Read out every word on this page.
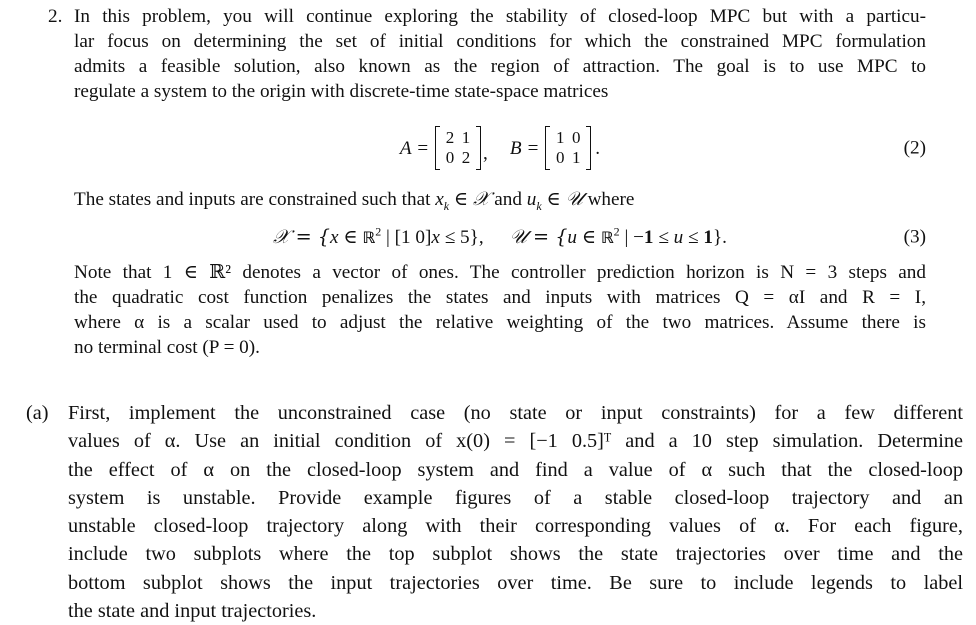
2. In this problem, you will continue exploring the stability of closed-loop MPC but with a particu-
lar focus on determining the set of initial conditions for which the constrained MPC formulation
admits a feasible solution, also known as the region of attraction. The goal is to use MPC to
regulate a system to the origin with discrete-time state-space matrices

A = 2 1
0 2 , B = 1 0
0 1 .	(2)

The states and inputs are constrained such that $x_k$ ∈ 𝒳 and $u_k$ ∈ 𝒰 where

𝒳 = {x ∈ ℝ$^2$ | [1 0]x ≤ 5}, 𝒰 = {u ∈ ℝ$^2$ | −1 ≤ u ≤ 1}.	(3)

Note that 1 ∈ ℝ² denotes a vector of ones. The controller prediction horizon is N = 3 steps and
the quadratic cost function penalizes the states and inputs with matrices Q = αI and R = I,
where α is a scalar used to adjust the relative weighting of the two matrices. Assume there is
no terminal cost (P = 0).

(a) First, implement the unconstrained case (no state or input constraints) for a few different
values of α. Use an initial condition of x(0) = [−1 0.5]ᵀ and a 10 step simulation. Determine
the effect of α on the closed-loop system and find a value of α such that the closed-loop
system is unstable. Provide example figures of a stable closed-loop trajectory and an
unstable closed-loop trajectory along with their corresponding values of α. For each figure,
include two subplots where the top subplot shows the state trajectories over time and the
bottom subplot shows the input trajectories over time. Be sure to include legends to label
the state and input trajectories.
